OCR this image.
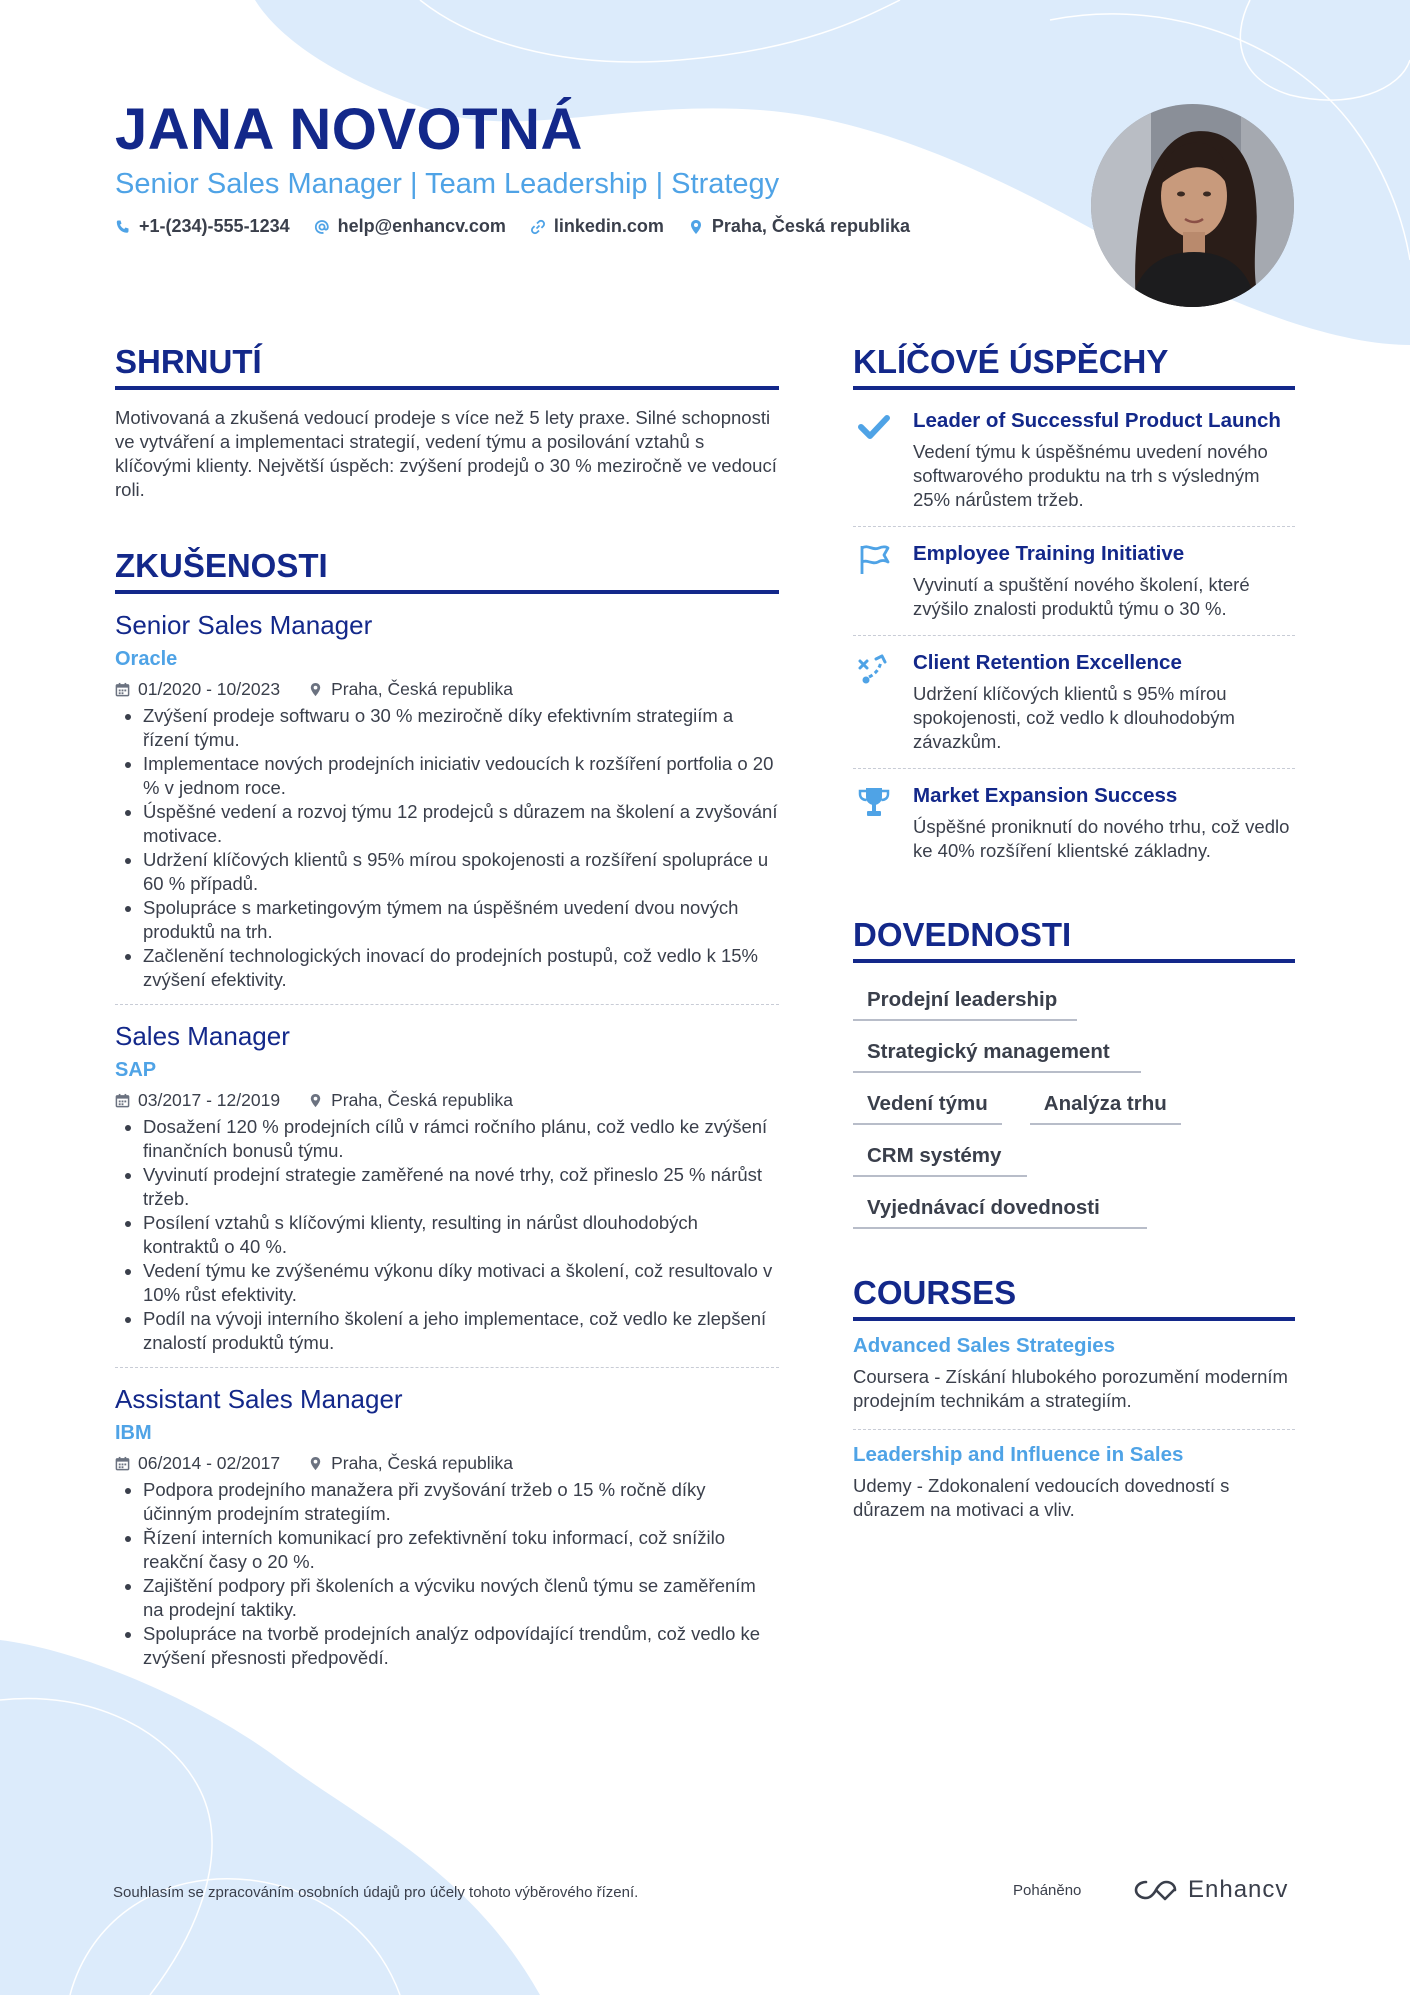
JANA NOVOTNÁ
Senior Sales Manager | Team Leadership | Strategy
+1-(234)-555-1234	help@enhancv.com	linkedin.com	Praha, Česká republika
SHRNUTÍ
Motivovaná a zkušená vedoucí prodeje s více než 5 lety praxe. Silné schopnosti ve vytváření a implementaci strategií, vedení týmu a posilování vztahů s klíčovými klienty. Největší úspěch: zvýšení prodejů o 30 % meziročně ve vedoucí roli.
ZKUŠENOSTI
Senior Sales Manager
Oracle
01/2020 - 10/2023	Praha, Česká republika
• Zvýšení prodeje softwaru o 30 % meziročně díky efektivním strategiím a řízení týmu.
• Implementace nových prodejních iniciativ vedoucích k rozšíření portfolia o 20 % v jednom roce.
• Úspěšné vedení a rozvoj týmu 12 prodejců s důrazem na školení a zvyšování motivace.
• Udržení klíčových klientů s 95% mírou spokojenosti a rozšíření spolupráce u 60 % případů.
• Spolupráce s marketingovým týmem na úspěšném uvedení dvou nových produktů na trh.
• Začlenění technologických inovací do prodejních postupů, což vedlo k 15% zvýšení efektivity.
Sales Manager
SAP
03/2017 - 12/2019	Praha, Česká republika
• Dosažení 120 % prodejních cílů v rámci ročního plánu, což vedlo ke zvýšení finančních bonusů týmu.
• Vyvinutí prodejní strategie zaměřené na nové trhy, což přineslo 25 % nárůst tržeb.
• Posílení vztahů s klíčovými klienty, resulting in nárůst dlouhodobých kontraktů o 40 %.
• Vedení týmu ke zvýšenému výkonu díky motivaci a školení, což resultovalo v 10% růst efektivity.
• Podíl na vývoji interního školení a jeho implementace, což vedlo ke zlepšení znalostí produktů týmu.
Assistant Sales Manager
IBM
06/2014 - 02/2017	Praha, Česká republika
• Podpora prodejního manažera při zvyšování tržeb o 15 % ročně díky účinným prodejním strategiím.
• Řízení interních komunikací pro zefektivnění toku informací, což snížilo reakční časy o 20 %.
• Zajištění podpory při školeních a výcviku nových členů týmu se zaměřením na prodejní taktiky.
• Spolupráce na tvorbě prodejních analýz odpovídající trendům, což vedlo ke zvýšení přesnosti předpovědí.
KLÍČOVÉ ÚSPĚCHY
Leader of Successful Product Launch
Vedení týmu k úspěšnému uvedení nového softwarového produktu na trh s výsledným 25% nárůstem tržeb.
Employee Training Initiative
Vyvinutí a spuštění nového školení, které zvýšilo znalosti produktů týmu o 30 %.
Client Retention Excellence
Udržení klíčových klientů s 95% mírou spokojenosti, což vedlo k dlouhodobým závazkům.
Market Expansion Success
Úspěšné proniknutí do nového trhu, což vedlo ke 40% rozšíření klientské základny.
DOVEDNOSTI
Prodejní leadership
Strategický management
Vedení týmu	Analýza trhu
CRM systémy
Vyjednávací dovednosti
COURSES
Advanced Sales Strategies
Coursera - Získání hlubokého porozumění moderním prodejním technikám a strategiím.
Leadership and Influence in Sales
Udemy - Zdokonalení vedoucích dovedností s důrazem na motivaci a vliv.
Souhlasím se zpracováním osobních údajů pro účely tohoto výběrového řízení.	Poháněno	Enhancv
